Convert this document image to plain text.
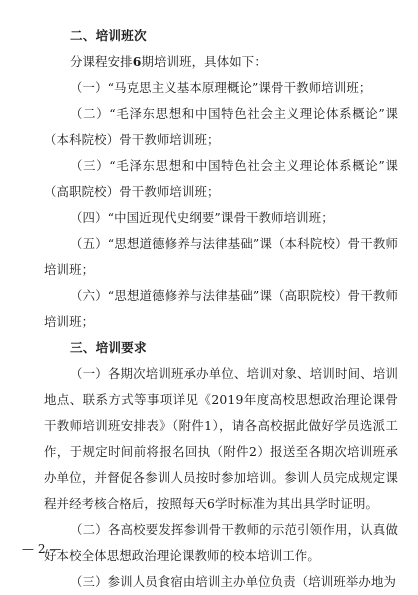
二、培训班次

分课程安排6期培训班，具体如下：

（一）“马克思主义基本原理概论”课骨干教师培训班；

（二）“毛泽东思想和中国特色社会主义理论体系概论”课（本科院校）骨干教师培训班；

（三）“毛泽东思想和中国特色社会主义理论体系概论”课（高职院校）骨干教师培训班；

（四）“中国近现代史纲要”课骨干教师培训班；

（五）“思想道德修养与法律基础”课（本科院校）骨干教师培训班；

（六）“思想道德修养与法律基础”课（高职院校）骨干教师培训班；

三、培训要求

（一）各期次培训班承办单位、培训对象、培训时间、培训地点、联系方式等事项详见《2019年度高校思想政治理论课骨干教师培训班安排表》（附件1），请各高校据此做好学员选派工作，于规定时间前将报名回执（附件2）报送至各期次培训班承办单位，并督促各参训人员按时参加培训。参训人员完成规定课程并经考核合格后，按照每天6学时标准为其出具学时证明。

（二）各高校要发挥参训骨干教师的示范引领作用，认真做好本校全体思想政治理论课教师的校本培训工作。

（三）参训人员食宿由培训主办单位负责（培训班举办地为

— 2 —
